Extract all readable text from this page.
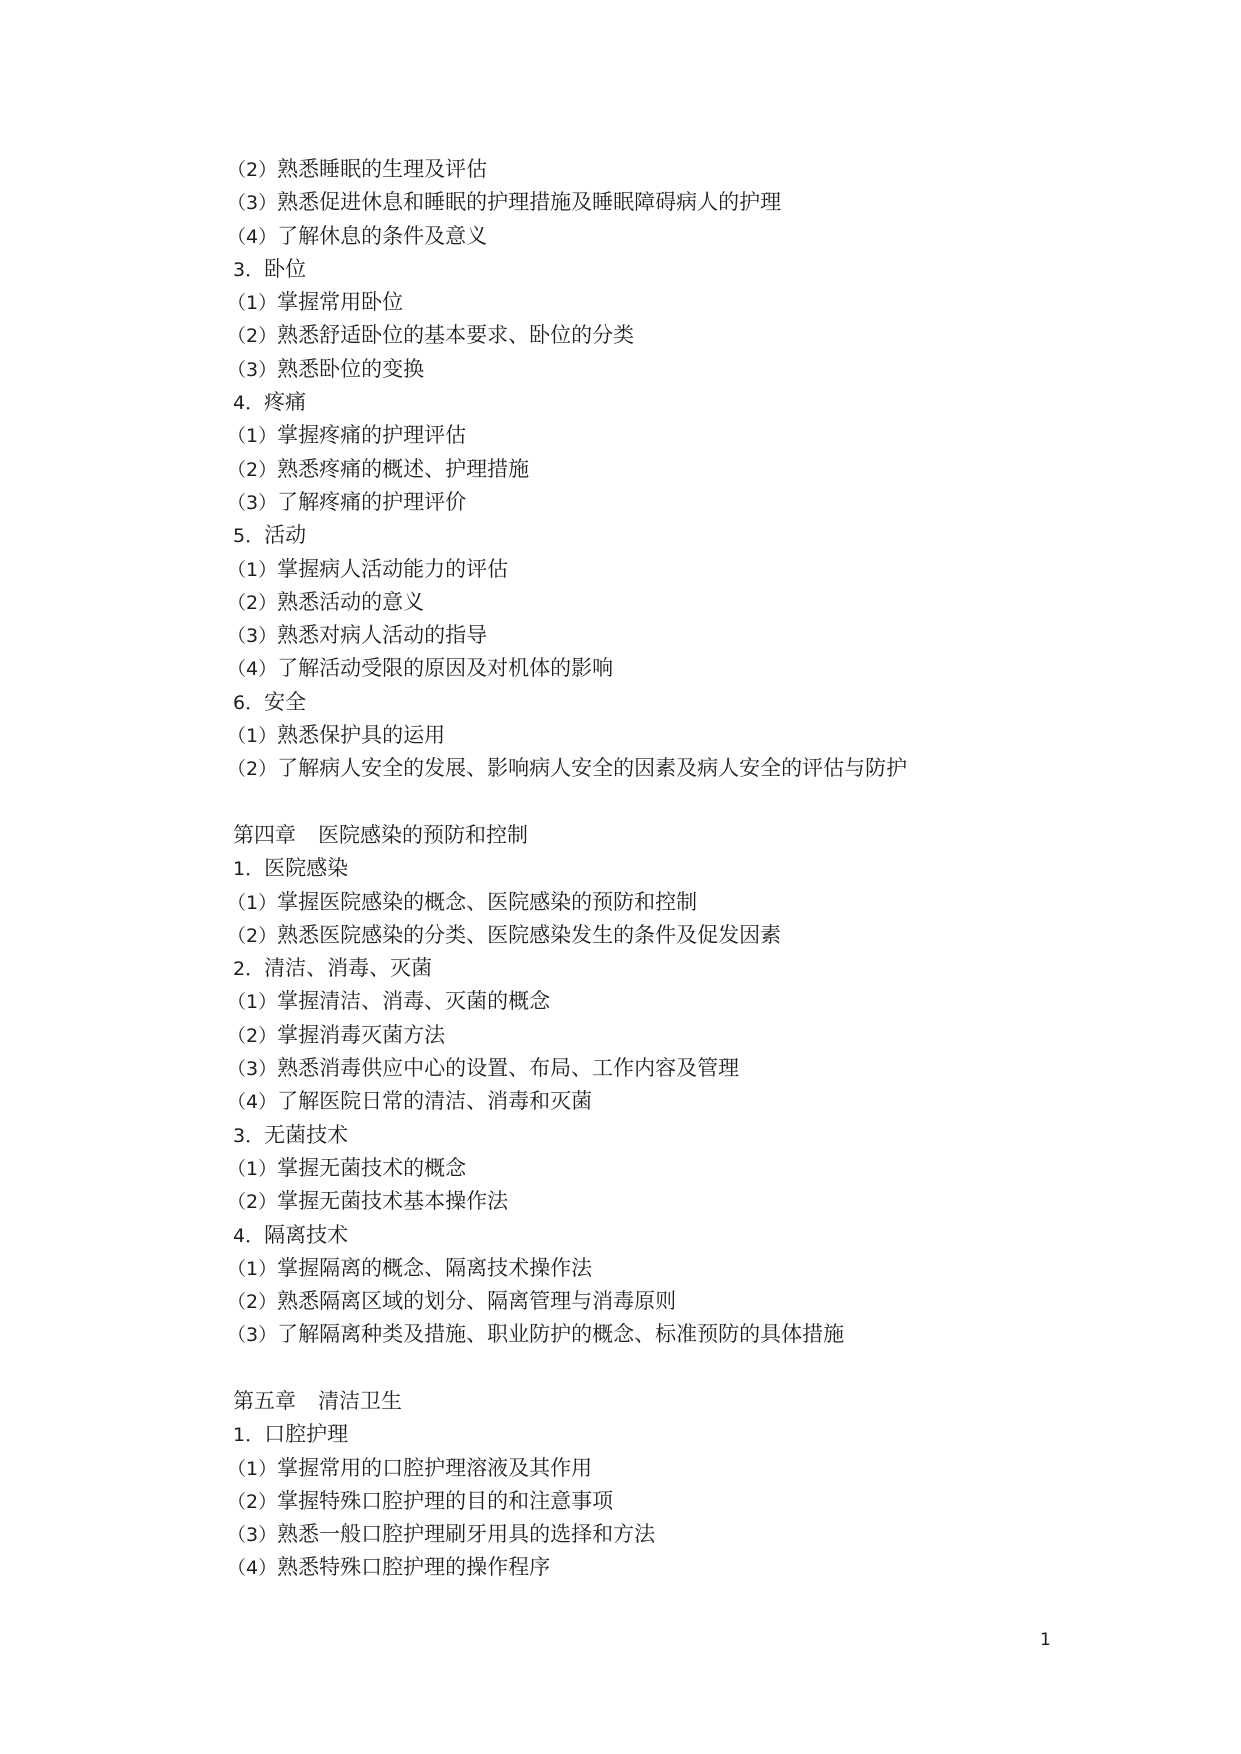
（2）熟悉睡眠的生理及评估
（3）熟悉促进休息和睡眠的护理措施及睡眠障碍病人的护理
（4）了解休息的条件及意义
3．卧位
（1）掌握常用卧位
（2）熟悉舒适卧位的基本要求、卧位的分类
（3）熟悉卧位的变换
4．疼痛
（1）掌握疼痛的护理评估
（2）熟悉疼痛的概述、护理措施
（3）了解疼痛的护理评价
5．活动
（1）掌握病人活动能力的评估
（2）熟悉活动的意义
（3）熟悉对病人活动的指导
（4）了解活动受限的原因及对机体的影响
6．安全
（1）熟悉保护具的运用
（2）了解病人安全的发展、影响病人安全的因素及病人安全的评估与防护
第四章 医院感染的预防和控制
1．医院感染
（1）掌握医院感染的概念、医院感染的预防和控制
（2）熟悉医院感染的分类、医院感染发生的条件及促发因素
2．清洁、消毒、灭菌
（1）掌握清洁、消毒、灭菌的概念
（2）掌握消毒灭菌方法
（3）熟悉消毒供应中心的设置、布局、工作内容及管理
（4）了解医院日常的清洁、消毒和灭菌
3．无菌技术
（1）掌握无菌技术的概念
（2）掌握无菌技术基本操作法
4．隔离技术
（1）掌握隔离的概念、隔离技术操作法
（2）熟悉隔离区域的划分、隔离管理与消毒原则
（3）了解隔离种类及措施、职业防护的概念、标准预防的具体措施
第五章 清洁卫生
1．口腔护理
（1）掌握常用的口腔护理溶液及其作用
（2）掌握特殊口腔护理的目的和注意事项
（3）熟悉一般口腔护理刷牙用具的选择和方法
（4）熟悉特殊口腔护理的操作程序
1
